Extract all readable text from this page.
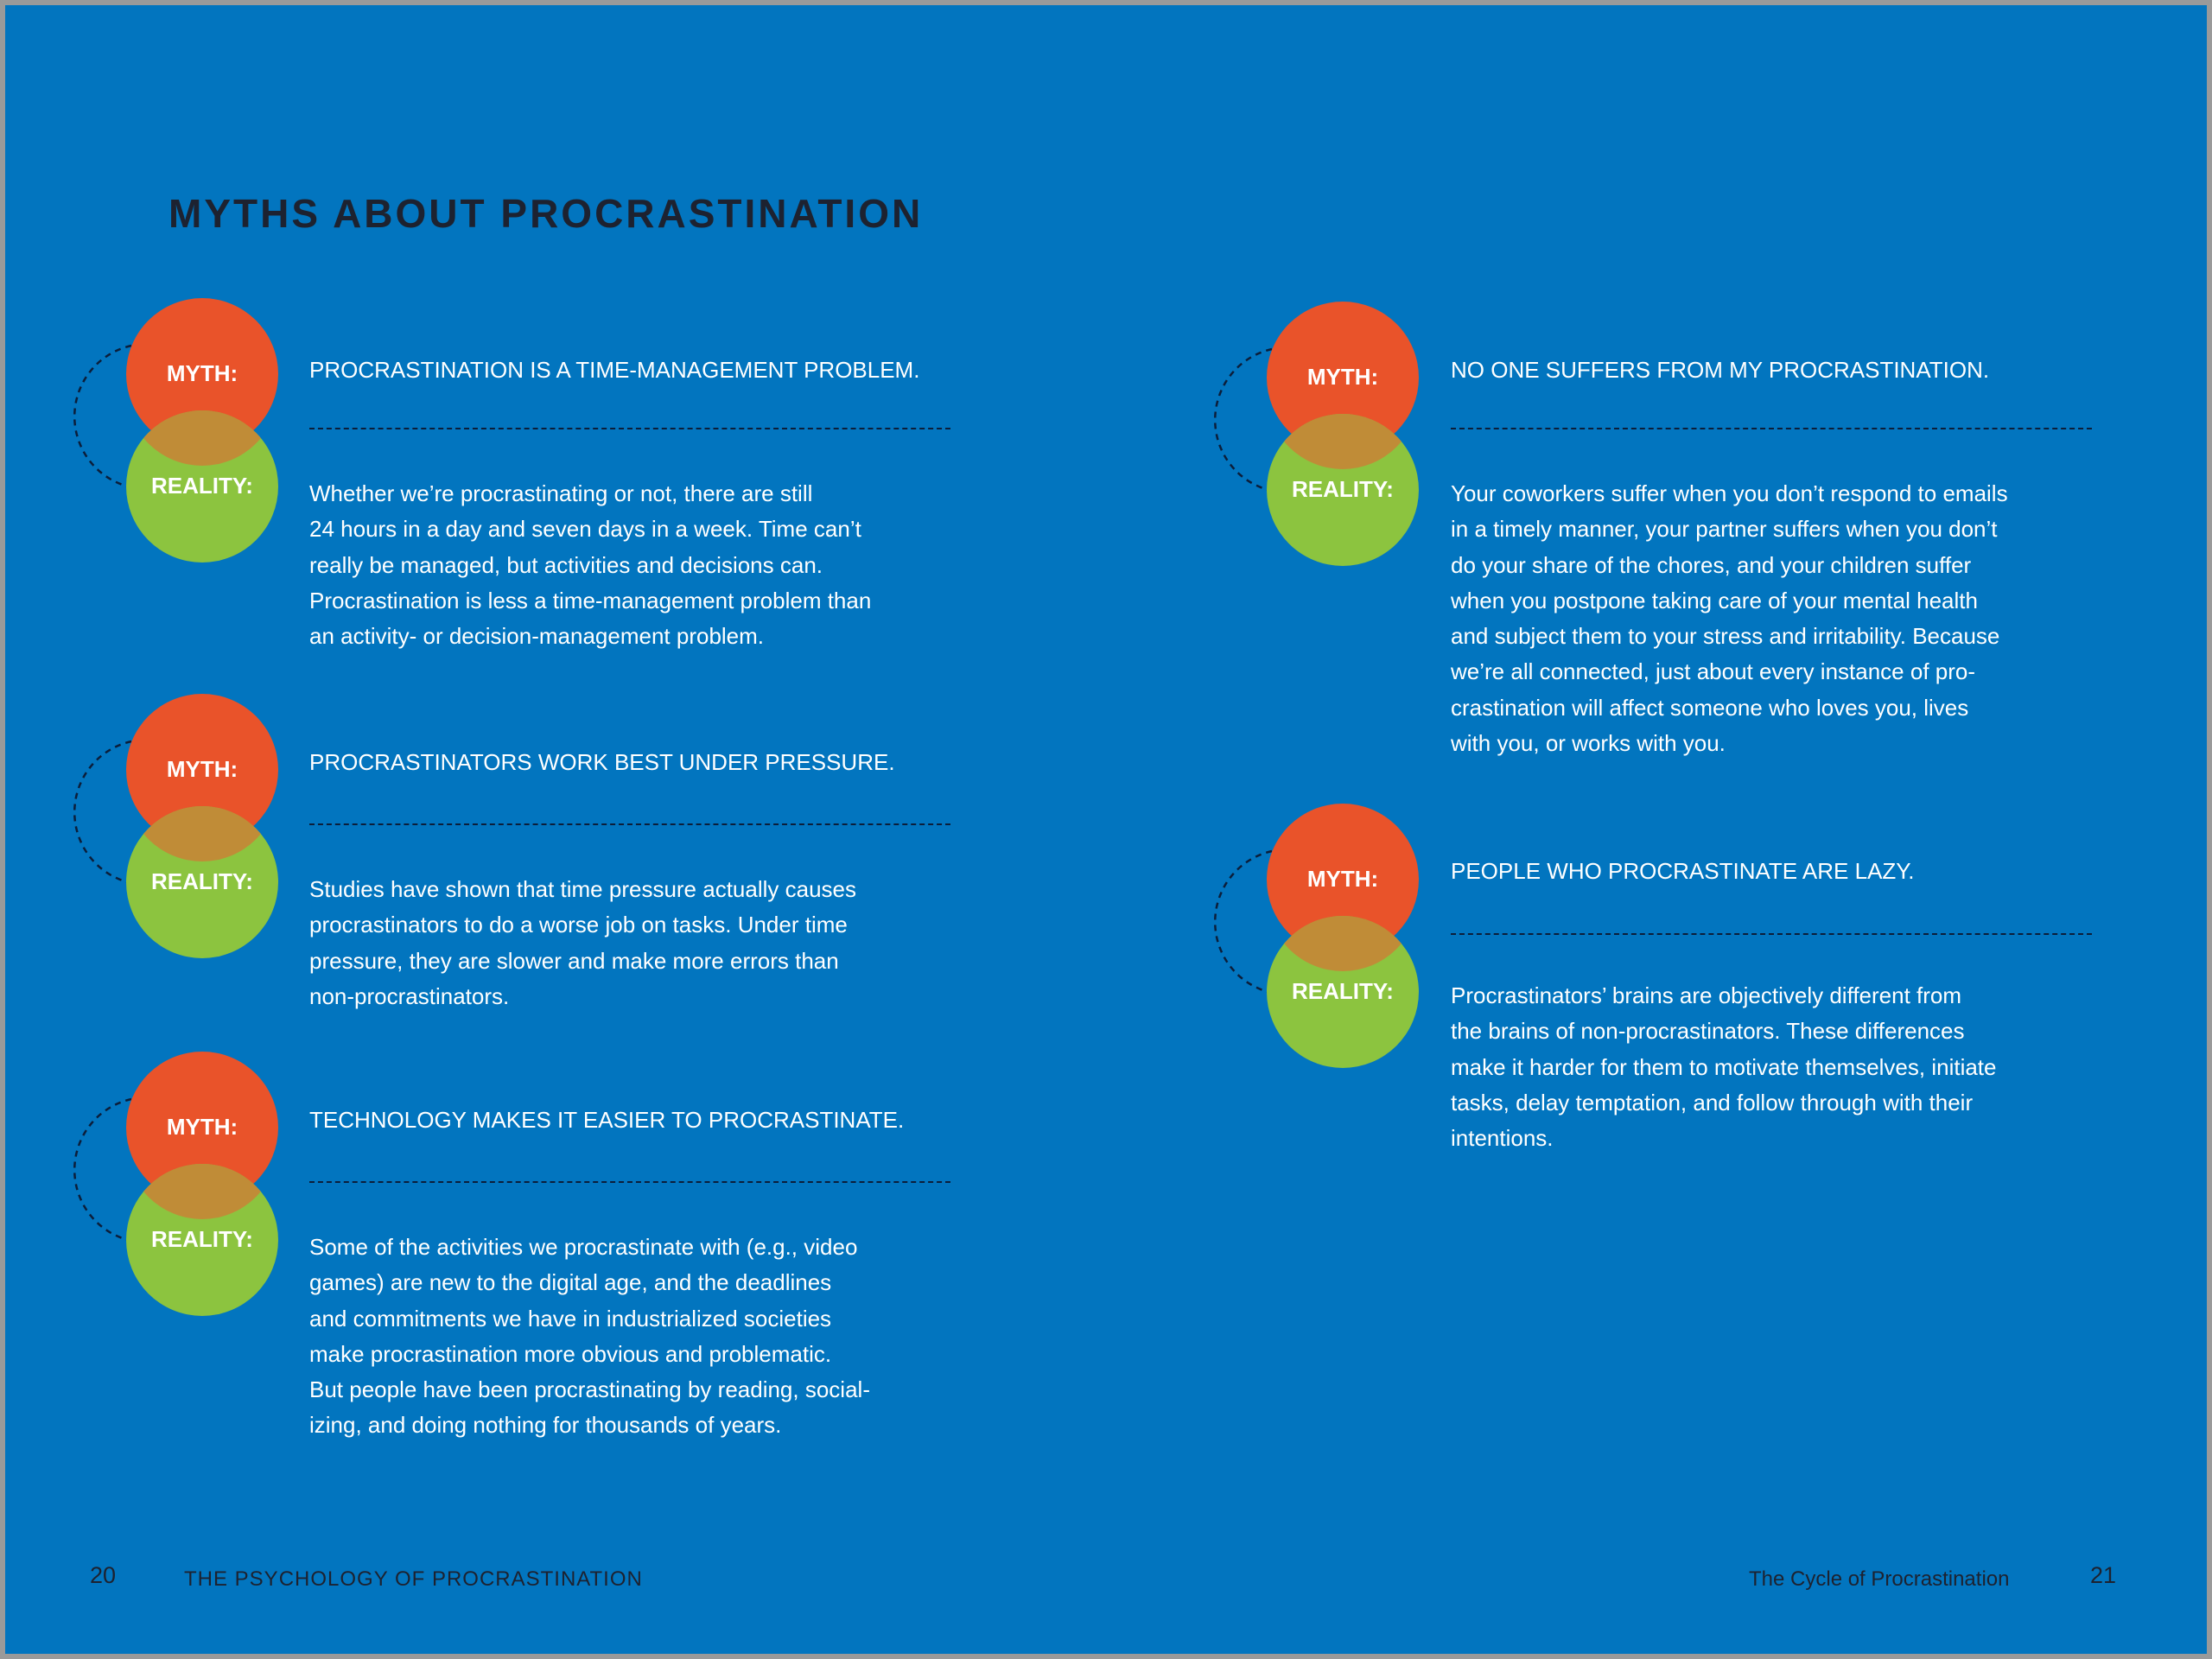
MYTHS ABOUT PROCRASTINATION
MYTH:
REALITY:

PROCRASTINATION IS A TIME-MANAGEMENT PROBLEM.

Whether we’re procrastinating or not, there are still
24 hours in a day and seven days in a week. Time can’t
really be managed, but activities and decisions can.
Procrastination is less a time-management problem than
an activity- or decision-management problem.

MYTH:
REALITY:

PROCRASTINATORS WORK BEST UNDER PRESSURE.

Studies have shown that time pressure actually causes
procrastinators to do a worse job on tasks. Under time
pressure, they are slower and make more errors than
non-procrastinators.

MYTH:
REALITY:

TECHNOLOGY MAKES IT EASIER TO PROCRASTINATE.

Some of the activities we procrastinate with (e.g., video
games) are new to the digital age, and the deadlines
and commitments we have in industrialized societies
make procrastination more obvious and problematic.
But people have been procrastinating by reading, social-
izing, and doing nothing for thousands of years.

MYTH:
REALITY:

NO ONE SUFFERS FROM MY PROCRASTINATION.

Your coworkers suffer when you don’t respond to emails
in a timely manner, your partner suffers when you don’t
do your share of the chores, and your children suffer
when you postpone taking care of your mental health
and subject them to your stress and irritability. Because
we’re all connected, just about every instance of pro-
crastination will affect someone who loves you, lives
with you, or works with you.

MYTH:
REALITY:

PEOPLE WHO PROCRASTINATE ARE LAZY.

Procrastinators’ brains are objectively different from
the brains of non-procrastinators. These differences
make it harder for them to motivate themselves, initiate
tasks, delay temptation, and follow through with their
intentions.

20	THE PSYCHOLOGY OF PROCRASTINATION	The Cycle of Procrastination	21
